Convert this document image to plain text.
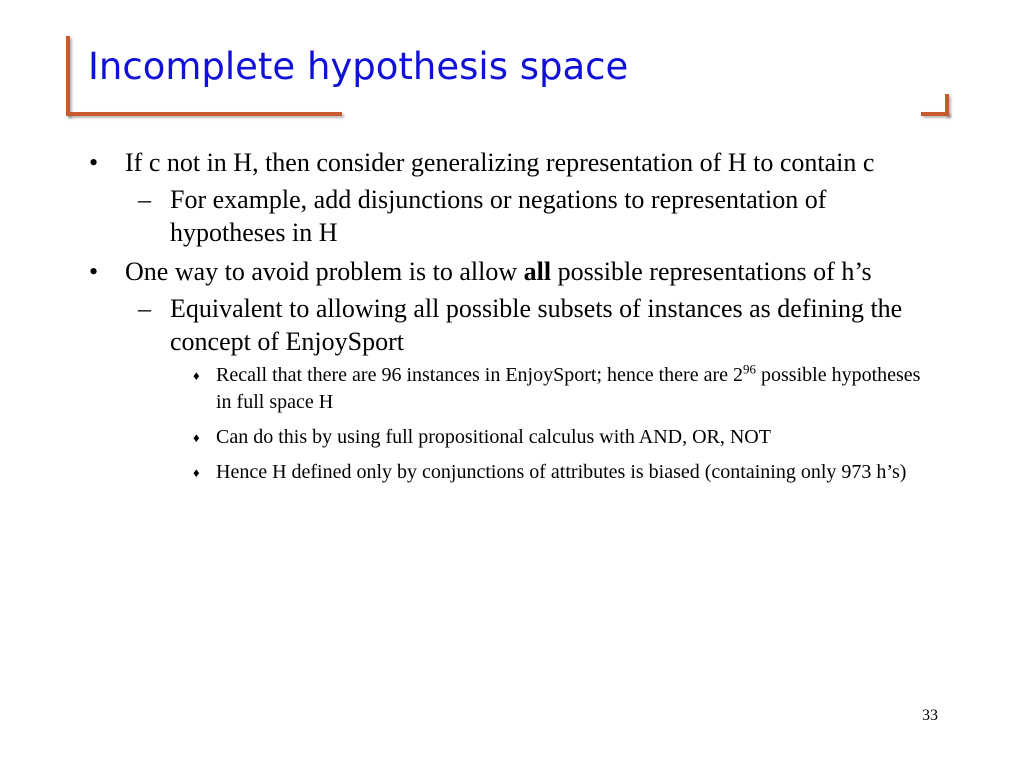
Incomplete hypothesis space
• If c not in H, then consider generalizing representation of H to contain c
– For example, add disjunctions or negations to representation of hypotheses in H
• One way to avoid problem is to allow all possible representations of h’s
– Equivalent to allowing all possible subsets of instances as defining the concept of EnjoySport
♦ Recall that there are 96 instances in EnjoySport; hence there are $2^{96}$ possible hypotheses in full space H
♦ Can do this by using full propositional calculus with AND, OR, NOT
♦ Hence H defined only by conjunctions of attributes is biased (containing only 973 h’s)
33
